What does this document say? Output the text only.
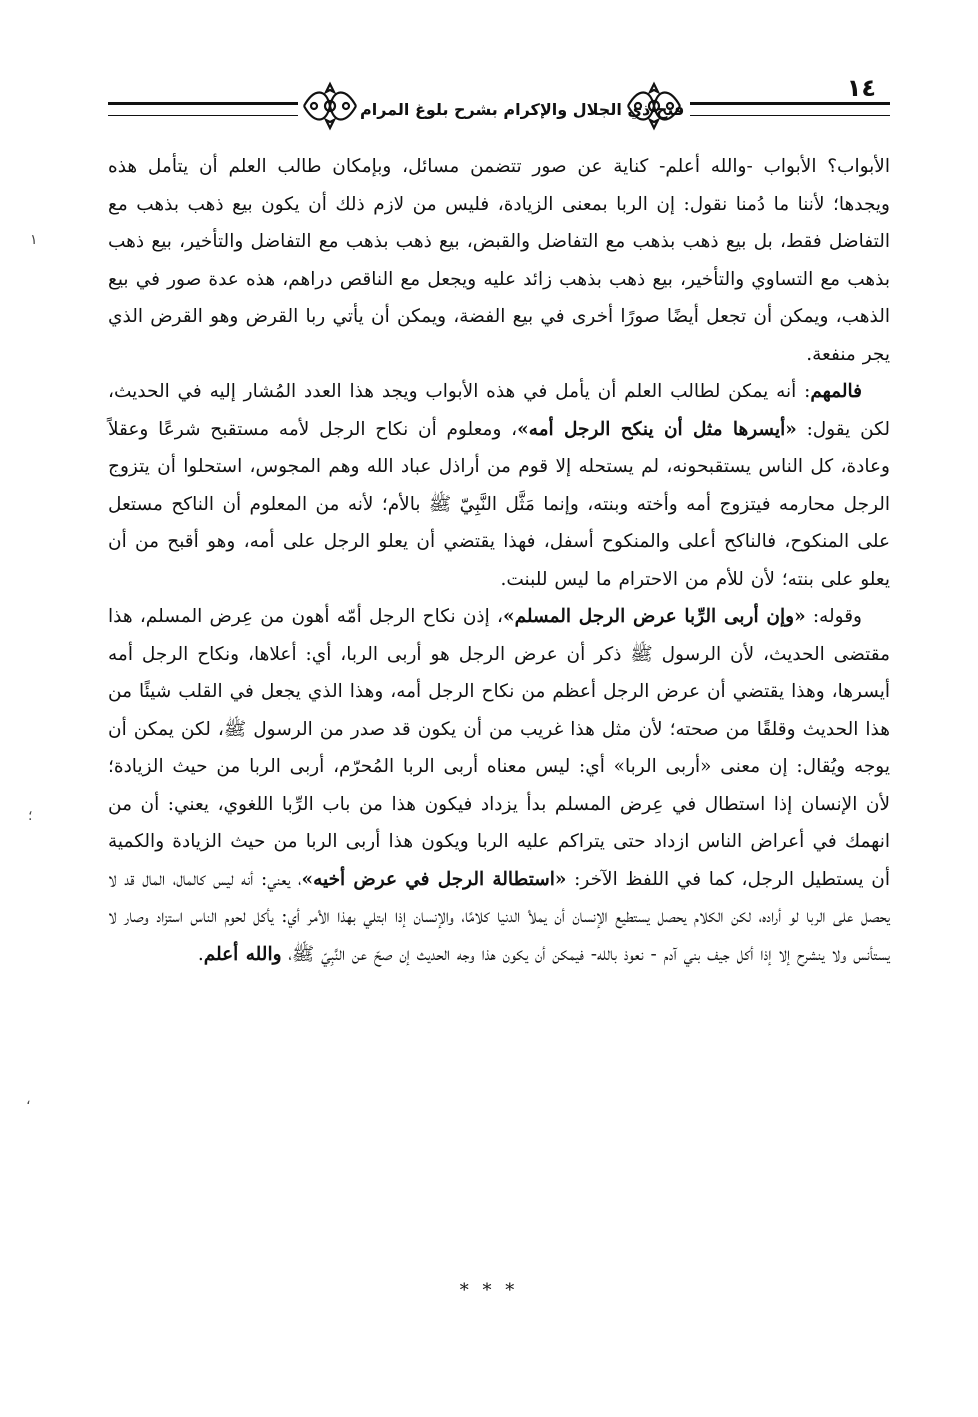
فتح ذي الجلال والإكرام بشرح بلوغ المرام
١٤
١
؛
،

الأبواب؟ الأبواب -والله أعلم- كناية عن صور تتضمن مسائل، وبإمكان طالب العلم أن يتأمل هذه ويجدها؛ لأننا ما دُمنا نقول: إن الربا بمعنى الزيادة، فليس من لازم ذلك أن يكون بيع ذهب بذهب مع التفاضل فقط، بل بيع ذهب بذهب مع التفاضل والقبض، بيع ذهب بذهب مع التفاضل والتأخير، بيع ذهب بذهب مع التساوي والتأخير، بيع ذهب بذهب زائد عليه ويجعل مع الناقص دراهم، هذه عدة صور في بيع الذهب، ويمكن أن تجعل أيضًا صورًا أخرى في بيع الفضة، ويمكن أن يأتي ربا القرض وهو القرض الذي يجر منفعة.

فالمهم: أنه يمكن لطالب العلم أن يأمل في هذه الأبواب ويجد هذا العدد المُشار إليه في الحديث، لكن يقول: «أيسرها مثل أن ينكح الرجل أمه»، ومعلوم أن نكاح الرجل لأمه مستقبح شرعًا وعقلاً وعادة، كل الناس يستقبحونه، لم يستحله إلا قوم من أراذل عباد الله وهم المجوس، استحلوا أن يتزوج الرجل محارمه فيتزوج أمه وأخته وبنته، وإنما مَثَّل النَّبِيّ ﷺ بالأم؛ لأنه من المعلوم أن الناكح مستعل على المنكوح، فالناكح أعلى والمنكوح أسفل، فهذا يقتضي أن يعلو الرجل على أمه، وهو أقبح من أن يعلو على بنته؛ لأن للأم من الاحترام ما ليس للبنت.

وقوله: «وإن أربى الرِّبا عرض الرجل المسلم»، إذن نكاح الرجل أمّه أهون من عِرض المسلم، هذا مقتضى الحديث، لأن الرسول ﷺ ذكر أن عرض الرجل هو أربى الربا، أي: أعلاها، ونكاح الرجل أمه أيسرها، وهذا يقتضي أن عرض الرجل أعظم من نكاح الرجل أمه، وهذا الذي يجعل في القلب شيئًا من هذا الحديث وقلقًا من صحته؛ لأن مثل هذا غريب من أن يكون قد صدر من الرسول ﷺ، لكن يمكن أن يوجه ويُقال: إن معنى «أربى الربا» أي: ليس معناه أربى الربا المُحرّم، أربى الربا من حيث الزيادة؛ لأن الإنسان إذا استطال في عِرض المسلم بدأ يزداد فيكون هذا من باب الرِّبا اللغوي، يعني: أن من انهمك في أعراض الناس ازداد حتى يتراكم عليه الربا ويكون هذا أربى الربا من حيث الزيادة والكمية أن يستطيل الرجل، كما في اللفظ الآخر: «استطالة الرجل في عرض أخيه»، يعني: أنه ليس كالمال، المال قد لا يحصل على الربا لو أراده، لكن الكلام يحصل يستطيع الإنسان أن يملأ الدنيا كلامًا، والإنسان إذا ابتلي بهذا الأمر أي: يأكل لحوم الناس استزاد وصار لا يستأنس ولا ينشرح إلا إذا أكل جيف بني آدم - نعوذ بالله- فيمكن أن يكون هذا وجه الحديث إن صحّ عن النَّبِيّ ﷺ، والله أعلم.

* * *
